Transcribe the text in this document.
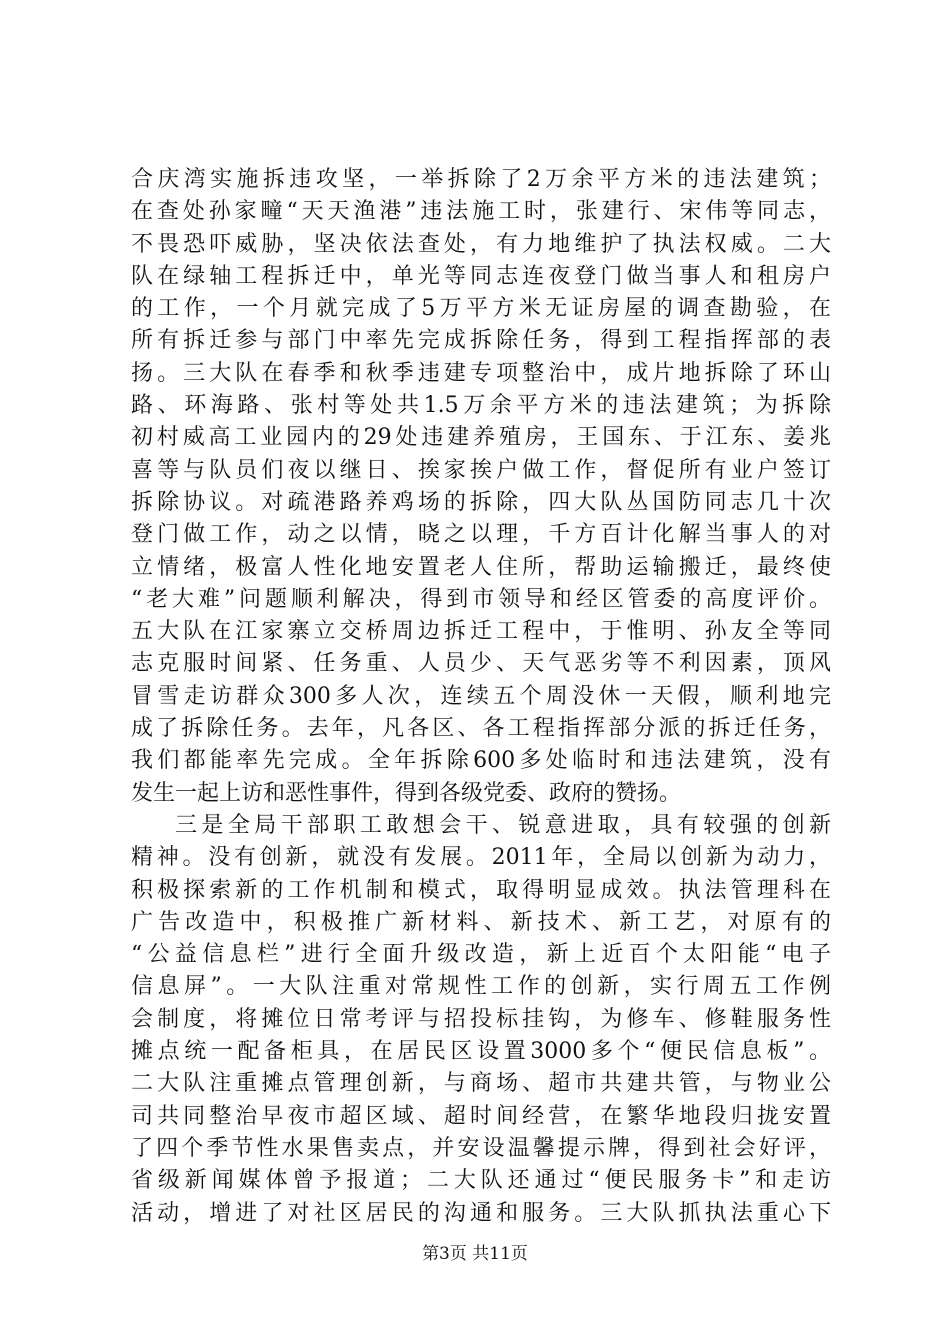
合庆湾实施拆违攻坚，一举拆除了2万余平方米的违法建筑；
在查处孙家疃“天天渔港”违法施工时，张建行、宋伟等同志，
不畏恐吓威胁，坚决依法查处，有力地维护了执法权威。二大
队在绿轴工程拆迁中，单光等同志连夜登门做当事人和租房户
的工作，一个月就完成了5万平方米无证房屋的调查勘验，在
所有拆迁参与部门中率先完成拆除任务，得到工程指挥部的表
扬。三大队在春季和秋季违建专项整治中，成片地拆除了环山
路、环海路、张村等处共1.5万余平方米的违法建筑；为拆除
初村威高工业园内的29处违建养殖房，王国东、于江东、姜兆
喜等与队员们夜以继日、挨家挨户做工作，督促所有业户签订
拆除协议。对疏港路养鸡场的拆除，四大队丛国防同志几十次
登门做工作，动之以情，晓之以理，千方百计化解当事人的对
立情绪，极富人性化地安置老人住所，帮助运输搬迁，最终使
“老大难”问题顺利解决，得到市领导和经区管委的高度评价。
五大队在江家寨立交桥周边拆迁工程中，于惟明、孙友全等同
志克服时间紧、任务重、人员少、天气恶劣等不利因素，顶风
冒雪走访群众300多人次，连续五个周没休一天假，顺利地完
成了拆除任务。去年，凡各区、各工程指挥部分派的拆迁任务，
我们都能率先完成。全年拆除600多处临时和违法建筑，没有
发生一起上访和恶性事件，得到各级党委、政府的赞扬。
三是全局干部职工敢想会干、锐意进取，具有较强的创新
精神。没有创新，就没有发展。2011年，全局以创新为动力，
积极探索新的工作机制和模式，取得明显成效。执法管理科在
广告改造中，积极推广新材料、新技术、新工艺，对原有的
“公益信息栏”进行全面升级改造，新上近百个太阳能“电子
信息屏”。一大队注重对常规性工作的创新，实行周五工作例
会制度，将摊位日常考评与招投标挂钩，为修车、修鞋服务性
摊点统一配备柜具，在居民区设置3000多个“便民信息板”。
二大队注重摊点管理创新，与商场、超市共建共管，与物业公
司共同整治早夜市超区域、超时间经营，在繁华地段归拢安置
了四个季节性水果售卖点，并安设温馨提示牌，得到社会好评，
省级新闻媒体曾予报道；二大队还通过“便民服务卡”和走访
活动，增进了对社区居民的沟通和服务。三大队抓执法重心下
第3页 共11页
